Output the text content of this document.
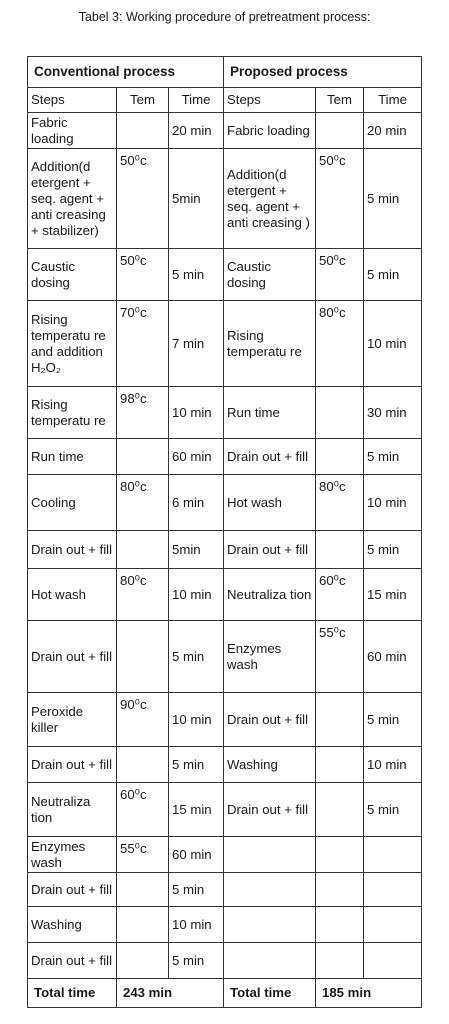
Tabel 3: Working procedure of pretreatment process:
Conventional process			Proposed process		
Steps	Tem	Time	Steps	Tem	Time
Fabric loading		20 min	Fabric loading		20 min
Addition(d etergent + seq. agent + anti creasing + stabilizer)	50⁰c	5min	Addition(d etergent + seq. agent + anti creasing )	50⁰c	5 min
Caustic dosing	50⁰c	5 min	Caustic dosing	50⁰c	5 min
Rising temperatu re and addition H₂O₂	70⁰c	7 min	Rising temperatu re	80⁰c	10 min
Rising temperatu re	98⁰c	10 min	Run time		30 min
Run time		60 min	Drain out + fill		5 min
Cooling	80⁰c	6 min	Hot wash	80⁰c	10 min
Drain out + fill		5min	Drain out + fill		5 min
Hot wash	80⁰c	10 min	Neutraliza tion	60⁰c	15 min
Drain out + fill		5 min	Enzymes wash	55⁰c	60 min
Peroxide killer	90⁰c	10 min	Drain out + fill		5 min
Drain out + fill		5 min	Washing		10 min
Neutraliza tion	60⁰c	15 min	Drain out + fill		5 min
Enzymes wash	55⁰c	60 min			
Drain out + fill		5 min			
Washing		10 min			
Drain out + fill		5 min			
Total time	243 min		Total time	185 min	
